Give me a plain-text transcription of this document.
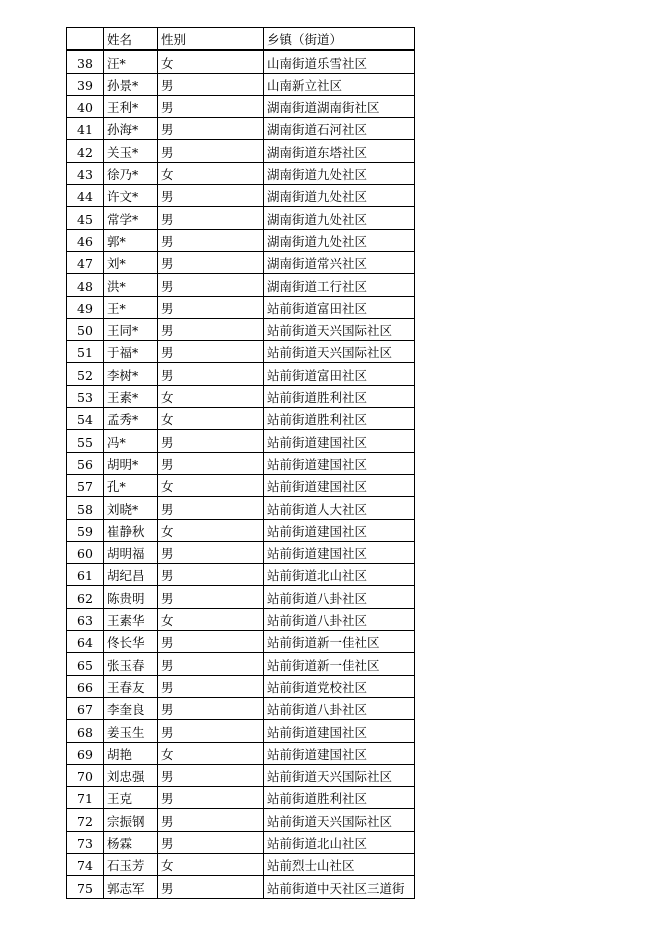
	姓名	性别	乡镇（街道）
38	汪*	女	山南街道乐雪社区
39	孙景*	男	山南新立社区
40	王利*	男	湖南街道湖南街社区
41	孙海*	男	湖南街道石河社区
42	关玉*	男	湖南街道东塔社区
43	徐乃*	女	湖南街道九处社区
44	许文*	男	湖南街道九处社区
45	常学*	男	湖南街道九处社区
46	郭*	男	湖南街道九处社区
47	刘*	男	湖南街道常兴社区
48	洪*	男	湖南街道工行社区
49	王*	男	站前街道富田社区
50	王同*	男	站前街道天兴国际社区
51	于福*	男	站前街道天兴国际社区
52	李树*	男	站前街道富田社区
53	王素*	女	站前街道胜利社区
54	孟秀*	女	站前街道胜利社区
55	冯*	男	站前街道建国社区
56	胡明*	男	站前街道建国社区
57	孔*	女	站前街道建国社区
58	刘晓*	男	站前街道人大社区
59	崔静秋	女	站前街道建国社区
60	胡明福	男	站前街道建国社区
61	胡纪昌	男	站前街道北山社区
62	陈贵明	男	站前街道八卦社区
63	王素华	女	站前街道八卦社区
64	佟长华	男	站前街道新一佳社区
65	张玉春	男	站前街道新一佳社区
66	王春友	男	站前街道党校社区
67	李奎良	男	站前街道八卦社区
68	姜玉生	男	站前街道建国社区
69	胡艳	女	站前街道建国社区
70	刘忠强	男	站前街道天兴国际社区
71	王克	男	站前街道胜利社区
72	宗振钢	男	站前街道天兴国际社区
73	杨霖	男	站前街道北山社区
74	石玉芳	女	站前烈士山社区
75	郭志军	男	站前街道中天社区三道街
